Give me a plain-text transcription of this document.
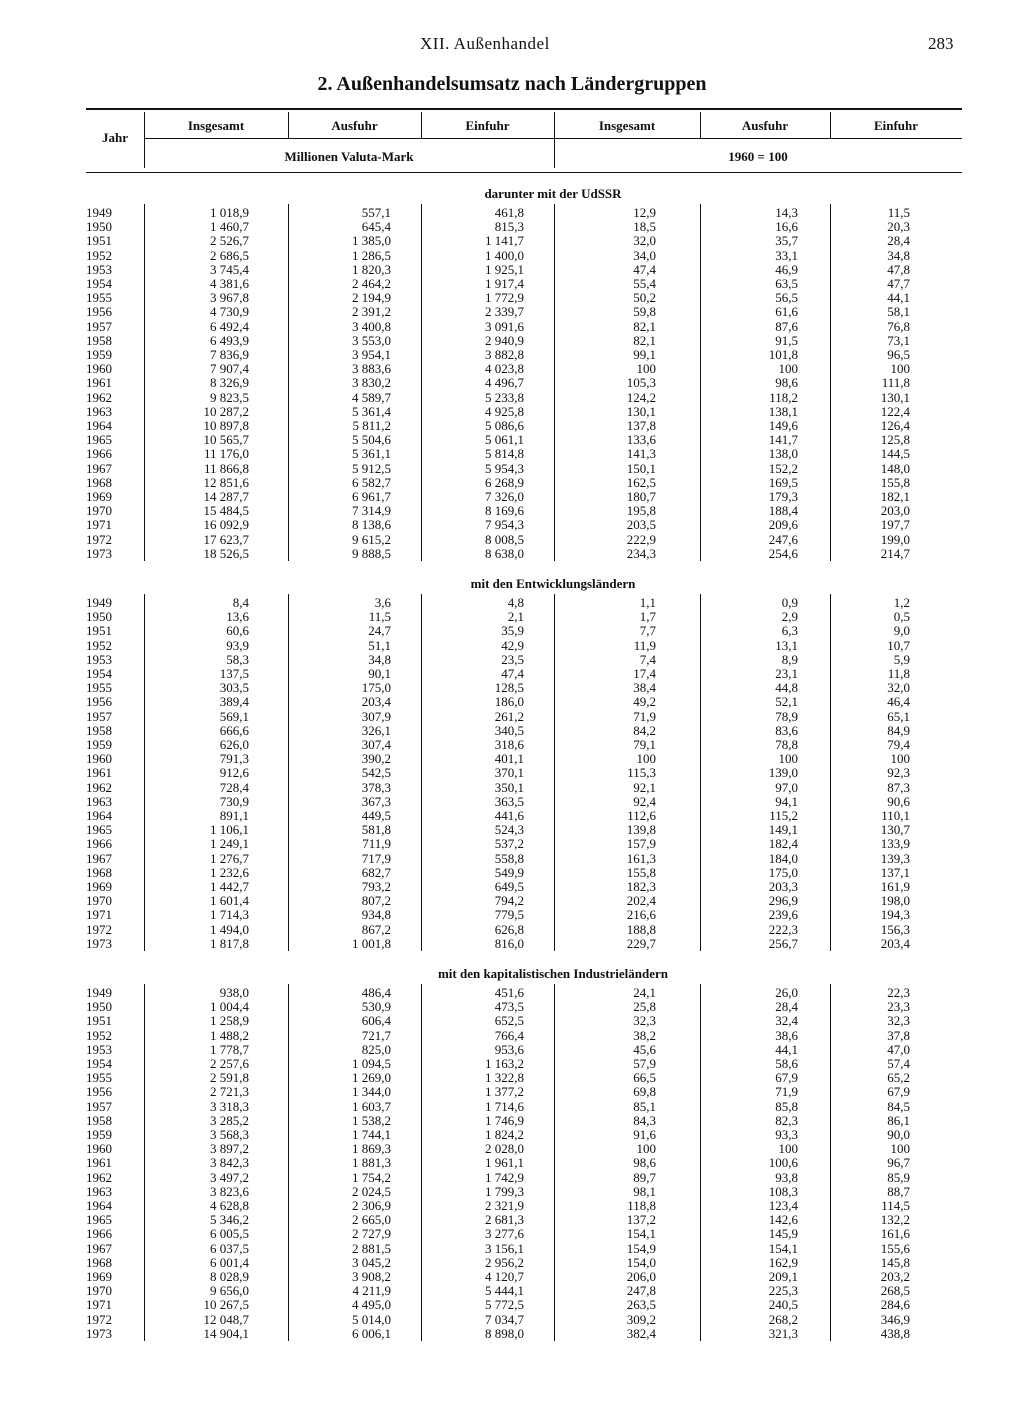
XII. Außenhandel	283
2. Außenhandelsumsatz nach Ländergruppen
Jahr
Insgesamt	Ausfuhr	Einfuhr	Insgesamt	Ausfuhr	Einfuhr
Millionen Valuta-Mark	1960 = 100
darunter mit der UdSSR
1949	1 018,9	557,1	461,8	12,9	14,3	11,5
1950	1 460,7	645,4	815,3	18,5	16,6	20,3
1951	2 526,7	1 385,0	1 141,7	32,0	35,7	28,4
1952	2 686,5	1 286,5	1 400,0	34,0	33,1	34,8
1953	3 745,4	1 820,3	1 925,1	47,4	46,9	47,8
1954	4 381,6	2 464,2	1 917,4	55,4	63,5	47,7
1955	3 967,8	2 194,9	1 772,9	50,2	56,5	44,1
1956	4 730,9	2 391,2	2 339,7	59,8	61,6	58,1
1957	6 492,4	3 400,8	3 091,6	82,1	87,6	76,8
1958	6 493,9	3 553,0	2 940,9	82,1	91,5	73,1
1959	7 836,9	3 954,1	3 882,8	99,1	101,8	96,5
1960	7 907,4	3 883,6	4 023,8	100	100	100
1961	8 326,9	3 830,2	4 496,7	105,3	98,6	111,8
1962	9 823,5	4 589,7	5 233,8	124,2	118,2	130,1
1963	10 287,2	5 361,4	4 925,8	130,1	138,1	122,4
1964	10 897,8	5 811,2	5 086,6	137,8	149,6	126,4
1965	10 565,7	5 504,6	5 061,1	133,6	141,7	125,8
1966	11 176,0	5 361,1	5 814,8	141,3	138,0	144,5
1967	11 866,8	5 912,5	5 954,3	150,1	152,2	148,0
1968	12 851,6	6 582,7	6 268,9	162,5	169,5	155,8
1969	14 287,7	6 961,7	7 326,0	180,7	179,3	182,1
1970	15 484,5	7 314,9	8 169,6	195,8	188,4	203,0
1971	16 092,9	8 138,6	7 954,3	203,5	209,6	197,7
1972	17 623,7	9 615,2	8 008,5	222,9	247,6	199,0
1973	18 526,5	9 888,5	8 638,0	234,3	254,6	214,7
mit den Entwicklungsländern
1949	8,4	3,6	4,8	1,1	0,9	1,2
1950	13,6	11,5	2,1	1,7	2,9	0,5
1951	60,6	24,7	35,9	7,7	6,3	9,0
1952	93,9	51,1	42,9	11,9	13,1	10,7
1953	58,3	34,8	23,5	7,4	8,9	5,9
1954	137,5	90,1	47,4	17,4	23,1	11,8
1955	303,5	175,0	128,5	38,4	44,8	32,0
1956	389,4	203,4	186,0	49,2	52,1	46,4
1957	569,1	307,9	261,2	71,9	78,9	65,1
1958	666,6	326,1	340,5	84,2	83,6	84,9
1959	626,0	307,4	318,6	79,1	78,8	79,4
1960	791,3	390,2	401,1	100	100	100
1961	912,6	542,5	370,1	115,3	139,0	92,3
1962	728,4	378,3	350,1	92,1	97,0	87,3
1963	730,9	367,3	363,5	92,4	94,1	90,6
1964	891,1	449,5	441,6	112,6	115,2	110,1
1965	1 106,1	581,8	524,3	139,8	149,1	130,7
1966	1 249,1	711,9	537,2	157,9	182,4	133,9
1967	1 276,7	717,9	558,8	161,3	184,0	139,3
1968	1 232,6	682,7	549,9	155,8	175,0	137,1
1969	1 442,7	793,2	649,5	182,3	203,3	161,9
1970	1 601,4	807,2	794,2	202,4	296,9	198,0
1971	1 714,3	934,8	779,5	216,6	239,6	194,3
1972	1 494,0	867,2	626,8	188,8	222,3	156,3
1973	1 817,8	1 001,8	816,0	229,7	256,7	203,4
mit den kapitalistischen Industrieländern
1949	938,0	486,4	451,6	24,1	26,0	22,3
1950	1 004,4	530,9	473,5	25,8	28,4	23,3
1951	1 258,9	606,4	652,5	32,3	32,4	32,3
1952	1 488,2	721,7	766,4	38,2	38,6	37,8
1953	1 778,7	825,0	953,6	45,6	44,1	47,0
1954	2 257,6	1 094,5	1 163,2	57,9	58,6	57,4
1955	2 591,8	1 269,0	1 322,8	66,5	67,9	65,2
1956	2 721,3	1 344,0	1 377,2	69,8	71,9	67,9
1957	3 318,3	1 603,7	1 714,6	85,1	85,8	84,5
1958	3 285,2	1 538,2	1 746,9	84,3	82,3	86,1
1959	3 568,3	1 744,1	1 824,2	91,6	93,3	90,0
1960	3 897,2	1 869,3	2 028,0	100	100	100
1961	3 842,3	1 881,3	1 961,1	98,6	100,6	96,7
1962	3 497,2	1 754,2	1 742,9	89,7	93,8	85,9
1963	3 823,6	2 024,5	1 799,3	98,1	108,3	88,7
1964	4 628,8	2 306,9	2 321,9	118,8	123,4	114,5
1965	5 346,2	2 665,0	2 681,3	137,2	142,6	132,2
1966	6 005,5	2 727,9	3 277,6	154,1	145,9	161,6
1967	6 037,5	2 881,5	3 156,1	154,9	154,1	155,6
1968	6 001,4	3 045,2	2 956,2	154,0	162,9	145,8
1969	8 028,9	3 908,2	4 120,7	206,0	209,1	203,2
1970	9 656,0	4 211,9	5 444,1	247,8	225,3	268,5
1971	10 267,5	4 495,0	5 772,5	263,5	240,5	284,6
1972	12 048,7	5 014,0	7 034,7	309,2	268,2	346,9
1973	14 904,1	6 006,1	8 898,0	382,4	321,3	438,8
